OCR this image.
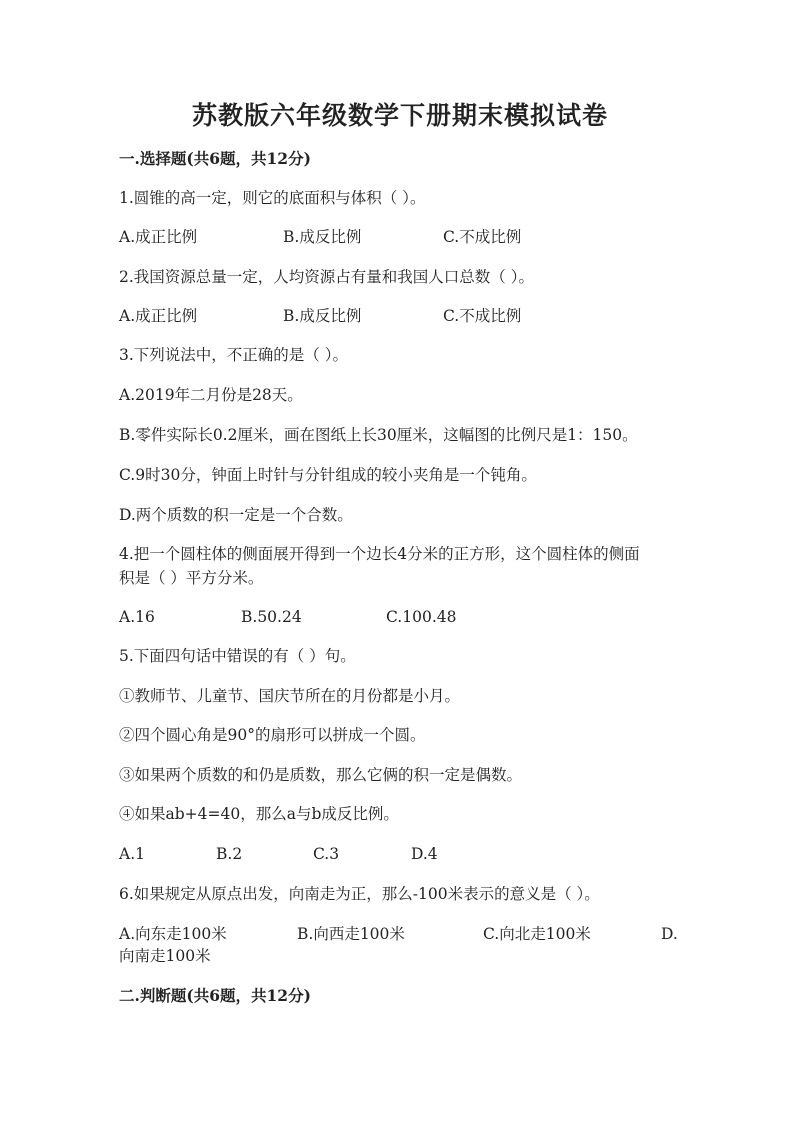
苏教版六年级数学下册期末模拟试卷
一.选择题(共6题，共12分)
1.圆锥的高一定，则它的底面积与体积（ ）。
A.成正比例	B.成反比例	C.不成比例
2.我国资源总量一定，人均资源占有量和我国人口总数（ ）。
A.成正比例	B.成反比例	C.不成比例
3.下列说法中，不正确的是（ ）。
A.2019年二月份是28天。
B.零件实际长0.2厘米，画在图纸上长30厘米，这幅图的比例尺是1：150。
C.9时30分，钟面上时针与分针组成的较小夹角是一个钝角。
D.两个质数的积一定是一个合数。
4.把一个圆柱体的侧面展开得到一个边长4分米的正方形，这个圆柱体的侧面
积是（ ）平方分米。
A.16	B.50.24	C.100.48
5.下面四句话中错误的有（ ）句。
①教师节、儿童节、国庆节所在的月份都是小月。
②四个圆心角是90°的扇形可以拼成一个圆。
③如果两个质数的和仍是质数，那么它俩的积一定是偶数。
④如果ab+4=40，那么a与b成反比例。
A.1	B.2	C.3	D.4
6.如果规定从原点出发，向南走为正，那么-100米表示的意义是（ ）。
A.向东走100米	B.向西走100米	C.向北走100米	D.
向南走100米
二.判断题(共6题，共12分)
